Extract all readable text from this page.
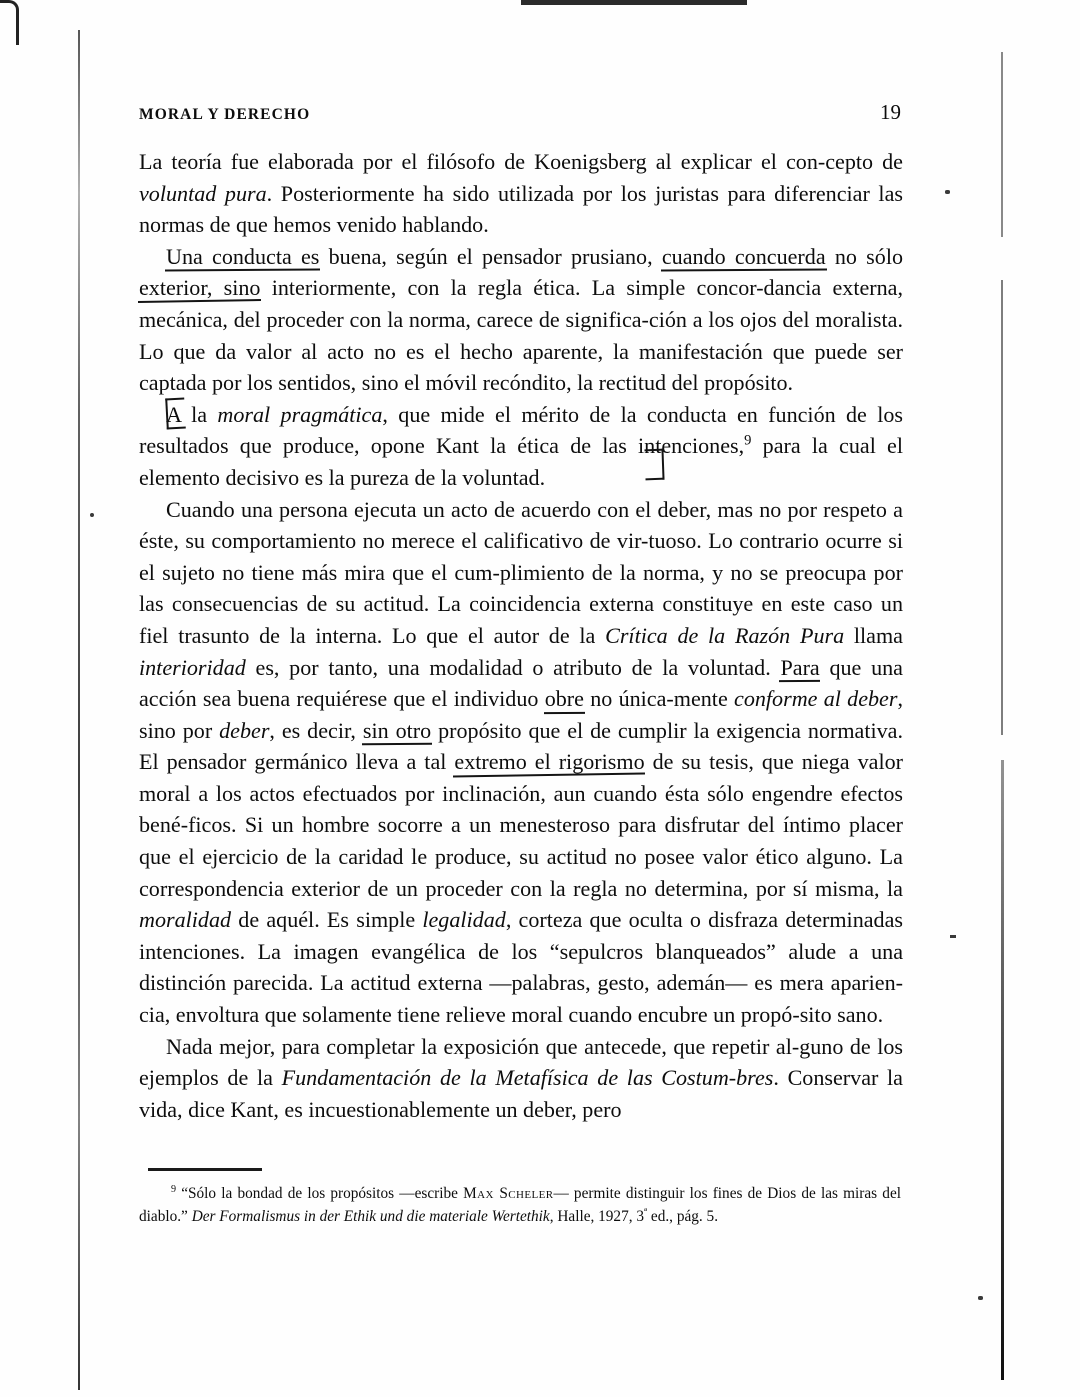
MORAL Y DERECHO	19

La teoría fue elaborada por el filósofo de Koenigsberg al explicar el con-cepto de voluntad pura. Posteriormente ha sido utilizada por los juristas para diferenciar las normas de que hemos venido hablando.

Una conducta es buena, según el pensador prusiano, cuando concuerda no sólo exterior, sino interiormente, con la regla ética. La simple concor-dancia externa, mecánica, del proceder con la norma, carece de significa-ción a los ojos del moralista. Lo que da valor al acto no es el hecho aparente, la manifestación que puede ser captada por los sentidos, sino el móvil recóndito, la rectitud del propósito.

A la moral pragmática, que mide el mérito de la conducta en función de los resultados que produce, opone Kant la ética de las intenciones,$^9$ para la cual el elemento decisivo es la pureza de la voluntad.

Cuando una persona ejecuta un acto de acuerdo con el deber, mas no por respeto a éste, su comportamiento no merece el calificativo de vir-tuoso. Lo contrario ocurre si el sujeto no tiene más mira que el cum-plimiento de la norma, y no se preocupa por las consecuencias de su actitud. La coincidencia externa constituye en este caso un fiel trasunto de la interna. Lo que el autor de la Crítica de la Razón Pura llama interioridad es, por tanto, una modalidad o atributo de la voluntad. Para que una acción sea buena requiérese que el individuo obre no única-mente conforme al deber, sino por deber, es decir, sin otro propósito que el de cumplir la exigencia normativa. El pensador germánico lleva a tal extremo el rigorismo de su tesis, que niega valor moral a los actos efectuados por inclinación, aun cuando ésta sólo engendre efectos bené-ficos. Si un hombre socorre a un menesteroso para disfrutar del íntimo placer que el ejercicio de la caridad le produce, su actitud no posee valor ético alguno. La correspondencia exterior de un proceder con la regla no determina, por sí misma, la moralidad de aquél. Es simple legalidad, corteza que oculta o disfraza determinadas intenciones. La imagen evangélica de los “sepulcros blanqueados” alude a una distinción parecida. La actitud externa —palabras, gesto, ademán— es mera aparien-cia, envoltura que solamente tiene relieve moral cuando encubre un propó-sito sano.

Nada mejor, para completar la exposición que antecede, que repetir al-guno de los ejemplos de la Fundamentación de la Metafísica de las Costum-bres. Conservar la vida, dice Kant, es incuestionablemente un deber, pero

$^9$ “Sólo la bondad de los propósitos —escribe Max Scheler— permite distinguir los fines de Dios de las miras del diablo.” Der Formalismus in der Ethik und die materiale Wertethik, Halle, 1927, $3^ª$ ed., pág. 5.
